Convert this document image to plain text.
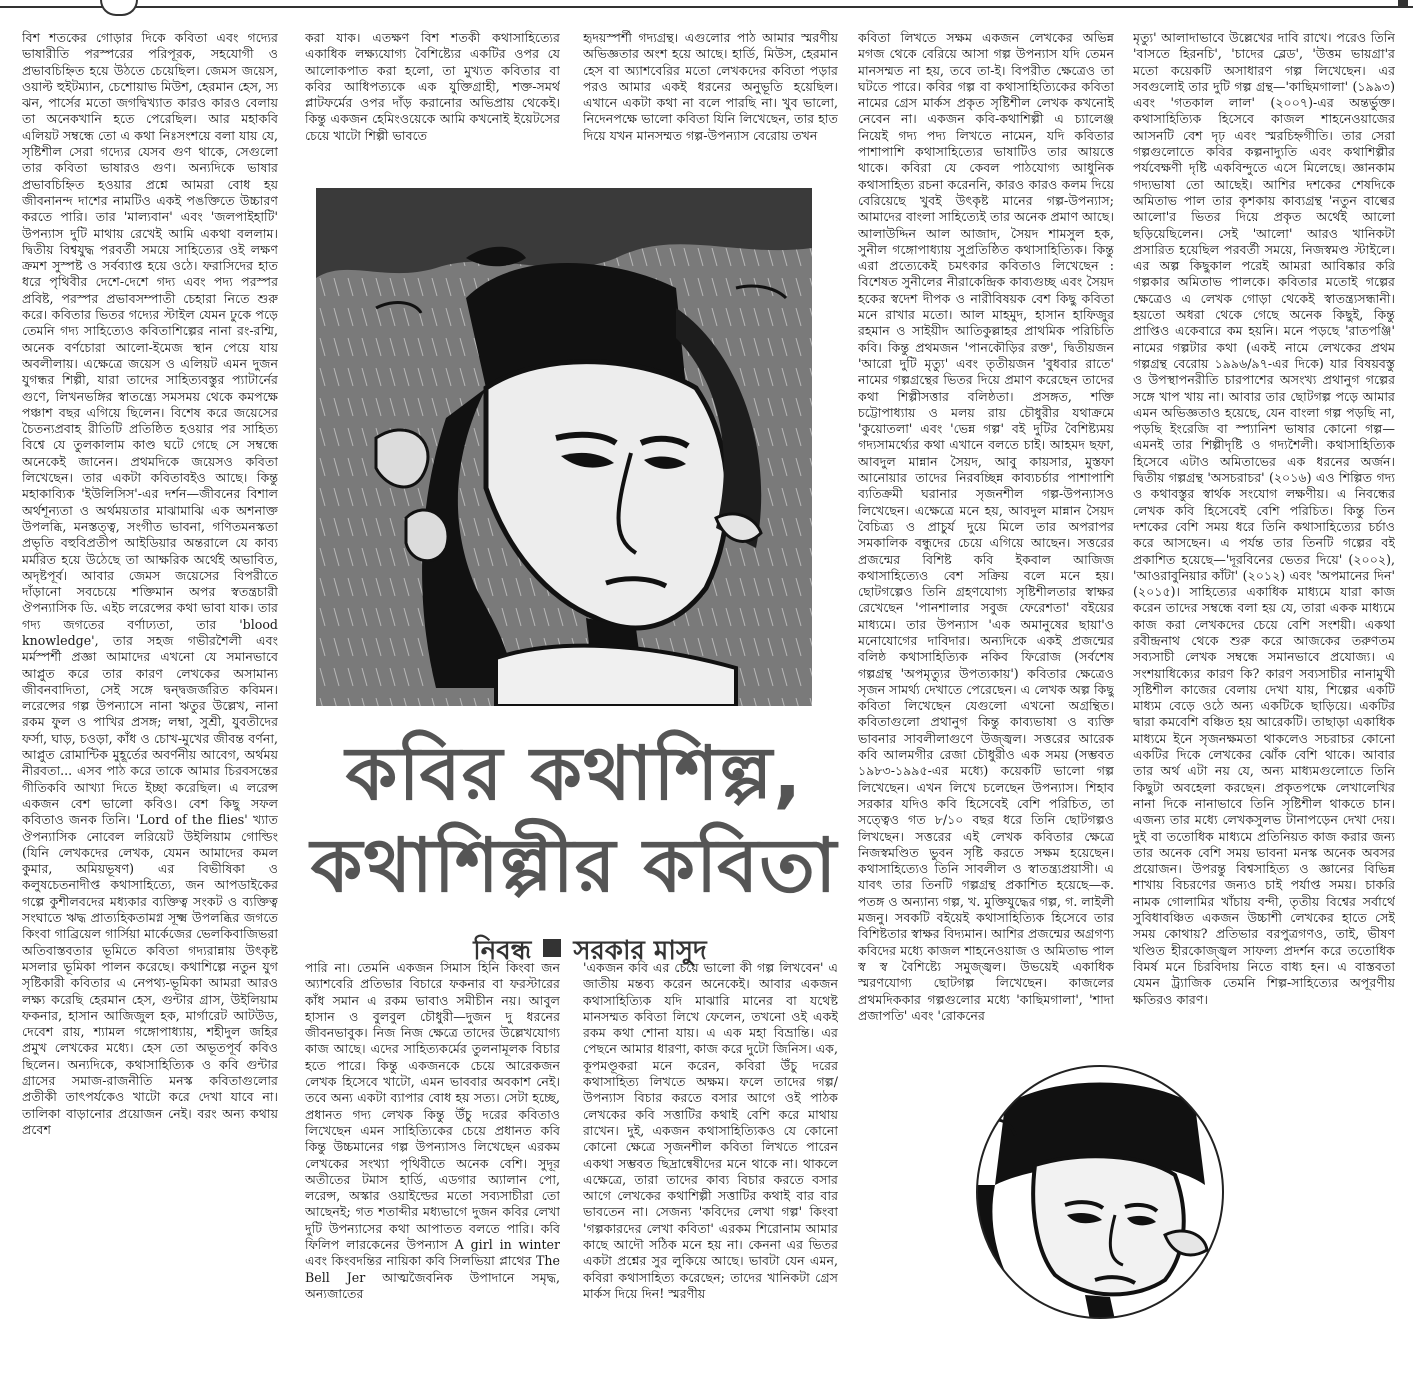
বিশ শতকের গোড়ার দিকে কবিতা এবং গদ্যের ভাষারীতি পরস্পরের পরিপূরক, সহযোগী ও প্রভাবচিহ্নিত হয়ে উঠতে চেয়েছিল। জেমস জয়েস, ওয়াল্ট হুইটম্যান, চেশোয়াভ মিউশ, হেরমান হেস, স্য ঝন, পার্সের মতো জগদ্বিখ্যাত কারও কারও বেলায় তা অনেকখানি হতে পেরেছিল। আর মহাকবি এলিয়ট সম্বন্ধে তো এ কথা নিঃসংশয়ে বলা যায় যে, সৃষ্টিশীল সেরা গদ্যের যেসব গুণ থাকে, সেগুলো তার কবিতা ভাষারও গুণ। অন্যদিকে ভাষার প্রভাবচিহ্নিত হওয়ার প্রশ্নে আমরা বোধ হয় জীবনানন্দ দাশের নামটিও একই পঙক্তিতে উচ্চারণ করতে পারি। তার 'মাল্যবান' এবং 'জলপাইহাটি' উপন্যাস দুটি মাথায় রেখেই আমি একথা বললাম। দ্বিতীয় বিশ্বযুদ্ধ পরবর্তী সময়ে সাহিত্যের ওই লক্ষণ ক্রমশ সুস্পষ্ট ও সর্বব্যাপ্ত হয়ে ওঠে। ফরাসিদের হাত ধরে পৃথিবীর দেশে-দেশে গদ্য এবং পদ্য পরস্পর প্রবিষ্ট, পরস্পর প্রভাবসম্পাতী চেহারা নিতে শুরু করে। কবিতার ভিতর গদ্যের স্টাইল যেমন ঢুকে পড়ে তেমনি গদ্য সাহিত্যেও কবিতাশিল্পের নানা রং-রশ্মি, অনেক বর্ণচোরা আলো-ইমেজ স্থান পেয়ে যায় অবলীলায়। এক্ষেত্রে জয়েস ও এলিয়ট এমন দুজন যুগন্ধর শিল্পী, যারা তাদের সাহিত্যবস্তুর প্যাটার্নের গুণে, লিখনভঙ্গির স্বাতন্ত্র্যে সমসময় থেকে কমপক্ষে পঞ্চাশ বছর এগিয়ে ছিলেন। বিশেষ করে জয়েসের চৈতন্যপ্রবাহ রীতিটি প্রতিষ্ঠিত হওয়ার পর সাহিত্য বিশ্বে যে তুলকালাম কাণ্ড ঘটে গেছে সে সম্বন্ধে অনেকেই জানেন। প্রথমদিকে জয়েসও কবিতা লিখেছেন। তার একটা কবিতাবইও আছে। কিন্তু মহাকাব্যিক 'ইউলিসিস'-এর দর্শন—জীবনের বিশাল অর্থশূন্যতা ও অর্থময়তার মাঝামাঝি এক অশনাক্ত উপলব্ধি, মনস্তত্ত্ব, সংগীত ভাবনা, গণিতমনস্কতা প্রভৃতি বহুবিপ্রতীপ আইডিয়ার অন্তরালে যে কাব্য মর্মরিত হয়ে উঠেছে তা আক্ষরিক অর্থেই অভাবিত, অদৃষ্টপূর্ব। আবার জেমস জয়েসের বিপরীতে দাঁড়ানো সবচেয়ে শক্তিমান অপর স্বতন্ত্রচারী ঔপন্যাসিক ডি. এইচ লরেন্সের কথা ভাবা যাক। তার গদ্য জগতের বর্ণাঢ্যতা, তার 'blood knowledge', তার সহজ গভীরশৈলী এবং মর্মস্পর্শী প্রজ্ঞা আমাদের এখনো যে সমানভাবে আপ্লুত করে তার কারণ লেখকের অসামান্য জীবনবাদিতা, সেই সঙ্গে দ্বন্দ্বজর্জরিত কবিমন। লরেন্সের গল্প উপন্যাসে নানা ঋতুর উল্লেখ, নানা রকম ফুল ও পাখির প্রসঙ্গ; লম্বা, সুশ্রী, যুবতীদের ফর্সা, ঘাড়, চওড়া, কাঁধ ও চোখ-মুখের জীবন্ত বর্ণনা, আপ্লুত রোমান্টিক মুহূর্তের অবর্ণনীয় আবেগ, অর্থময় নীরবতা... এসব পাঠ করে তাকে আমার চিরবসন্তের গীতিকবি আখ্যা দিতে ইচ্ছা করেছিল। এ লরেন্স একজন বেশ ভালো কবিও। বেশ কিছু সফল কবিতাও জনক তিনি। 'Lord of the flies' খ্যাত ঔপন্যাসিক নোবেল লরিয়েট উইলিয়াম গোল্ডিং (যিনি লেখকদের লেখক, যেমন আমাদের কমল কুমার, অমিয়ভূষণ) এর বিভীষিকা ও কলুষচেতনাদীপ্ত কথাসাহিত্যে, জন আপডাইকের গল্পে কুশীলবদের মধ্যকার ব্যক্তিত্ব সংকট ও ব্যক্তিত্ব সংঘাতে ঋদ্ধ প্রাত্যহিকতামগ্ন সূক্ষ্ম উপলব্ধির জগতে কিংবা গাব্রিয়েল গার্সিয়া মার্কেজের ভেলকিবাজিভরা অতিবাস্তবতার ভূমিতে কবিতা গদ্যরান্নায় উৎকৃষ্ট মসলার ভূমিকা পালন করেছে। কথাশিল্পে নতুন যুগ সৃষ্টিকারী কবিতার এ নেপথ্য-ভূমিকা আমরা আরও লক্ষ্য করেছি হেরমান হেস, গুন্টার গ্রাস, উইলিয়াম ফকনার, হাসান আজিজুল হক, মার্গারেট আটউড, দেবেশ রায়, শ্যামল গঙ্গোপাধ্যায়, শহীদুল জহির প্রমুখ লেখকের মধ্যে। হেস তো অভূতপূর্ব কবিও ছিলেন। অন্যদিকে, কথাসাহিত্যিক ও কবি গুন্টার গ্রাসের সমাজ-রাজনীতি মনস্ক কবিতাগুলোর প্রতীকী তাৎপর্যকেও খাটো করে দেখা যাবে না। তালিকা বাড়ানোর প্রয়োজন নেই। বরং অন্য কথায় প্রবেশ

করা যাক। এতক্ষণ বিশ শতকী কথাসাহিত্যের একাধিক লক্ষ্যযোগ্য বৈশিষ্ট্যের একটির ওপর যে আলোকপাত করা হলো, তা মুখ্যত কবিতার বা কবির আধিপত্যকে এক যুক্তিগ্রাহী, শক্ত-সমর্থ প্লাটফর্মের ওপর দাঁড় করানোর অভিপ্রায় থেকেই। কিন্তু একজন হেমিংওয়েকে আমি কখনোই ইয়েটসের চেয়ে খাটো শিল্পী ভাবতে

হৃদয়স্পর্শী গদ্যগ্রন্থ। এগুলোর পাঠ আমার স্মরণীয় অভিজ্ঞতার অংশ হয়ে আছে। হার্ডি, মিউস, হেরমান হেস বা অ্যাশবেরির মতো লেখকদের কবিতা পড়ার পরও আমার একই ধরনের অনুভূতি হয়েছিল। এখানে একটা কথা না বলে পারছি না। খুব ভালো, নিদেনপক্ষে ভালো কবিতা যিনি লিখেছেন, তার হাত দিয়ে যখন মানসম্মত গল্প-উপন্যাস বেরোয় তখন

কবির কথাশিল্প,
কথাশিল্পীর কবিতা
নিবন্ধ সরকার মাসুদ

পারি না। তেমনি একজন সিমাস হিনি কিংবা জন অ্যাশবেরি প্রতিভার বিচারে ফকনার বা ফরস্টারের কাঁধ সমান এ রকম ভাবাও সমীচীন নয়। আবুল হাসান ও বুলবুল চৌধুরী—দুজন দু ধরনের জীবনভাবুক। নিজ নিজ ক্ষেত্রে তাদের উল্লেখযোগ্য কাজ আছে। এদের সাহিত্যকর্মের তুলনামূলক বিচার হতে পারে। কিন্তু একজনকে চেয়ে আরেকজন লেখক হিসেবে খাটো, এমন ভাববার অবকাশ নেই। তবে অন্য একটা ব্যাপার বোধ হয় সত্য। সেটা হচ্ছে, প্রধানত গদ্য লেখক কিন্তু উঁচু দরের কবিতাও লিখেছেন এমন সাহিত্যিকের চেয়ে প্রধানত কবি কিন্তু উচ্চমানের গল্প উপন্যাসও লিখেছেন এরকম লেখকের সংখ্যা পৃথিবীতে অনেক বেশি। সুদূর অতীতের টমাস হার্ডি, এডগার অ্যালান পো, লরেন্স, অস্কার ওয়াইল্ডের মতো সব্যসাচীরা তো আছেনই; গত শতাব্দীর মধ্যভাগে দুজন কবির লেখা দুটি উপন্যাসের কথা আপাতত বলতে পারি। কবি ফিলিপ লারকেনের উপন্যাস A girl in winter এবং কিংবদন্তির নায়িকা কবি সিলভিয়া প্লাথের The Bell Jer আত্মজৈবনিক উপাদানে সমৃদ্ধ, অন্যজাতের

'একজন কবি এর চেয়ে ভালো কী গল্প লিখবেন' এ জাতীয় মন্তব্য করেন অনেকেই। আবার একজন কথাসাহিত্যিক যদি মাঝারি মানের বা যথেষ্ট মানসম্মত কবিতা লিখে ফেলেন, তখনো ওই একই রকম কথা শোনা যায়। এ এক মহা বিভ্রান্তি। এর পেছনে আমার ধারণা, কাজ করে দুটো জিনিস। এক, কূপমণ্ডূকরা মনে করেন, কবিরা উঁচু দরের কথাসাহিত্য লিখতে অক্ষম। ফলে তাদের গল্প/উপন্যাস বিচার করতে বসার আগে ওই পাঠক লেখকের কবি সত্তাটির কথাই বেশি করে মাথায় রাখেন। দুই, একজন কথাসাহিত্যিকও যে কোনো কোনো ক্ষেত্রে সৃজনশীল কবিতা লিখতে পারেন একথা সম্ভবত ছিদ্রান্বেষীদের মনে থাকে না। থাকলে এক্ষেত্রে, তারা তাদের কাব্য বিচার করতে বসার আগে লেখকের কথাশিল্পী সত্তাটির কথাই বার বার ভাবতেন না। সেজন্য 'কবিদের লেখা গল্প' কিংবা 'গল্পকারদের লেখা কবিতা' এরকম শিরোনাম আমার কাছে আদৌ সঠিক মনে হয় না। কেননা এর ভিতর একটা প্রশ্নের সুর লুকিয়ে আছে। ভাবটা যেন এমন, কবিরা কথাসাহিত্য করেছেন; তাদের খানিকটা গ্রেস মার্কস দিয়ে দিন! স্মরণীয়

কবিতা লিখতে সক্ষম একজন লেখকের অভিন্ন মগজ থেকে বেরিয়ে আসা গল্প উপন্যাস যদি তেমন মানসম্মত না হয়, তবে তা-ই। বিপরীত ক্ষেত্রেও তা ঘটতে পারে। কবির গল্প বা কথাসাহিত্যিকের কবিতা নামের গ্রেস মার্কস প্রকৃত সৃষ্টিশীল লেখক কখনোই নেবেন না। একজন কবি-কথাশিল্পী এ চ্যালেঞ্জ নিয়েই গদ্য পদ্য লিখতে নামেন, যদি কবিতার পাশাপাশি কথাসাহিত্যের ভাষাটিও তার আয়ত্তে থাকে। কবিরা যে কেবল পাঠযোগ্য আধুনিক কথাসাহিত্য রচনা করেননি, কারও কারও কলম দিয়ে বেরিয়েছে খুবই উৎকৃষ্ট মানের গল্প-উপন্যাস; আমাদের বাংলা সাহিত্যেই তার অনেক প্রমাণ আছে। আলাউদ্দিন আল আজাদ, সৈয়দ শামসুল হক, সুনীল গঙ্গোপাধ্যায় সুপ্রতিষ্ঠিত কথাসাহিত্যিক। কিন্তু এরা প্রত্যেকেই চমৎকার কবিতাও লিখেছেন : বিশেষত সুনীলের নীরাকেন্দ্রিক কাব্যগুচ্ছ এবং সৈয়দ হকের স্বদেশ দীপক ও নারীবিষয়ক বেশ কিছু কবিতা মনে রাখার মতো। আল মাহমুদ, হাসান হাফিজুর রহমান ও সাইয়ীদ আতিকুল্লাহর প্রাথমিক পরিচিতি কবি। কিন্তু প্রথমজন 'পানকৌড়ির রক্ত', দ্বিতীয়জন 'আরো দুটি মৃত্যু' এবং তৃতীয়জন 'বুধবার রাতে' নামের গল্পগ্রন্থের ভিতর দিয়ে প্রমাণ করেছেন তাদের কথা শিল্পীসত্তার বলিষ্ঠতা। প্রসঙ্গত, শক্তি চট্টোপাধ্যায় ও মলয় রায় চৌধুরীর যথাক্রমে 'কুয়োতলা' এবং 'ভেন্ন গল্প' বই দুটির বৈশিষ্ট্যময় গদ্যসামর্থ্যের কথা এখানে বলতে চাই। আহমদ ছফা, আবদুল মান্নান সৈয়দ, আবু কায়সার, মুস্তফা আনোয়ার তাদের নিরবচ্ছিন্ন কাব্যচর্চার পাশাপাশি ব্যতিক্রমী ঘরানার সৃজনশীল গল্প-উপন্যাসও লিখেছেন। এক্ষেত্রে মনে হয়, আবদুল মান্নান সৈয়দ বৈচিত্র্য ও প্রাচুর্য দুয়ে মিলে তার অপরাপর সমকালিক বন্ধুদের চেয়ে এগিয়ে আছেন। সত্তরের প্রজন্মের বিশিষ্ট কবি ইকবাল আজিজ কথাসাহিত্যেও বেশ সক্রিয় বলে মনে হয়। ছোটগল্পেও তিনি গ্রহণযোগ্য সৃষ্টিশীলতার স্বাক্ষর রেখেছেন 'পানশালার সবুজ ফেরেশতা' বইয়ের মাধ্যমে। তার উপন্যাস 'এক অমানুষের ছায়া'ও মনোযোগের দাবিদার। অন্যদিকে একই প্রজন্মের বলিষ্ঠ কথাসাহিত্যিক নকিব ফিরোজ (সর্বশেষ গল্পগ্রন্থ 'অপমৃত্যুর উপত্যকায়') কবিতার ক্ষেত্রেও সৃজন সামর্থ্য দেখাতে পেরেছেন। এ লেখক অল্প কিছু কবিতা লিখেছেন যেগুলো এখনো অগ্রন্থিত। কবিতাগুলো প্রথানুগ কিন্তু কাব্যভাষা ও ব্যক্তি ভাবনার সাবলীলাগুণে উজ্জ্বল। সত্তরের আরেক কবি আলমগীর রেজা চৌধুরীও এক সময় (সম্ভবত ১৯৮৩-১৯৯৫-এর মধ্যে) কয়েকটি ভালো গল্প লিখেছেন। এখন লিখে চলেছেন উপন্যাস। শিহাব সরকার যদিও কবি হিসেবেই বেশি পরিচিত, তা সত্ত্বেও গত ৮/১০ বছর ধরে তিনি ছোটগল্পও লিখছেন। সত্তরের এই লেখক কবিতার ক্ষেত্রে নিজস্বমণ্ডিত ভুবন সৃষ্টি করতে সক্ষম হয়েছেন। কথাসাহিত্যেও তিনি সাবলীল ও স্বাতন্ত্র্যপ্রয়াসী। এ যাবৎ তার তিনটি গল্পগ্রন্থ প্রকাশিত হয়েছে—ক. পতঙ্গ ও অন্যান্য গল্প, খ. মুক্তিযুদ্ধের গল্প, গ. লাইলী মজনু। সবকটি বইয়েই কথাসাহিত্যিক হিসেবে তার বিশিষ্টতার স্বাক্ষর বিদ্যমান। আশির প্রজন্মের অগ্রগণ্য কবিদের মধ্যে কাজল শাহনেওয়াজ ও অমিতাভ পাল স্ব স্ব বৈশিষ্ট্যে সমুজ্জ্বল। উভয়েই একাধিক স্মরণযোগ্য ছোটগল্প লিখেছেন। কাজলের প্রথমদিককার গল্পগুলোর মধ্যে 'কাছিমগালা', 'শাদা প্রজাপতি' এবং 'রোকনের

মৃত্যু' আলাদাভাবে উল্লেখের দাবি রাখে। পরেও তিনি 'বাসতে হিরনচি', 'চাদের ব্লেড', 'উত্তম ভায়গ্রা'র মতো কয়েকটি অসাধারণ গল্প লিখেছেন। এর সবগুলোই তার দুটি গল্প গ্রন্থ—'কাছিমগালা' (১৯৯৩) এবং 'গতকাল লাল' (২০০৭)-এর অন্তর্ভুক্ত। কথাসাহিত্যিক হিসেবে কাজল শাহনেওয়াজের আসনটি বেশ দৃঢ় এবং স্মরচিহ্নগীতি। তার সেরা গল্পগুলোতে কবির কল্পনাদ্যুতি এবং কথাশিল্পীর পর্যবেক্ষণী দৃষ্টি একবিন্দুতে এসে মিলেছে। জ্ঞানকাম গদ্যভাষা তো আছেই। আশির দশকের শেষদিকে অমিতাভ পাল তার কৃশকায় কাব্যগ্রন্থ 'নতুন বাল্বের আলো'র ভিতর দিয়ে প্রকৃত অর্থেই আলো ছড়িয়েছিলেন। সেই 'আলো' আরও খানিকটা প্রসারিত হয়েছিল পরবর্তী সময়ে, নিজস্বমণ্ড স্টাইলে। এর অল্প কিছুকাল পরেই আমরা আবিষ্কার করি গল্পকার অমিতাভ পালকে। কবিতার মতোই গল্পের ক্ষেত্রেও এ লেখক গোড়া থেকেই স্বাতন্ত্র্যসন্ধানী। হয়তো অধরা থেকে গেছে অনেক কিছুই, কিন্তু প্রাপ্তিও একেবারে কম হয়নি। মনে পড়ছে 'রাতপঞ্জি' নামের গল্পটার কথা (একই নামে লেখকের প্রথম গল্পগ্রন্থ বেরোয় ১৯৯৬/৯৭-এর দিকে) যার বিষয়বস্তু ও উপস্থাপনরীতি চারপাশের অসংখ্য প্রথানুগ গল্পের সঙ্গে খাপ খায় না। আবার তার ছোটগল্প পড়ে আমার এমন অভিজ্ঞতাও হয়েছে, যেন বাংলা গল্প পড়ছি না, পড়ছি ইংরেজি বা স্প্যানিশ ভাষার কোনো গল্প—এমনই তার শিল্পীদৃষ্টি ও গদ্যশৈলী। কথাসাহিত্যিক হিসেবে এটাও অমিতাভের এক ধরনের অর্জন। দ্বিতীয় গল্পগ্রন্থ 'অসচরাচর' (২০১৬) এও শিল্পিত গদ্য ও কথাবস্তুর স্বার্থক সংযোগ লক্ষণীয়। এ নিবন্ধের লেখক কবি হিসেবেই বেশি পরিচিত। কিন্তু তিন দশকের বেশি সময় ধরে তিনি কথাসাহিত্যের চর্চাও করে আসছেন। এ পর্যন্ত তার তিনটি গল্পের বই প্রকাশিত হয়েছে—'দূরবিনের ভেতর দিয়ে' (২০০২), 'আওরাবুনিয়ার কাঁটা' (২০১২) এবং 'অপমানের দিন' (২০১৫)। সাহিত্যের একাধিক মাধ্যমে যারা কাজ করেন তাদের সম্বন্ধে বলা হয় যে, তারা একক মাধ্যমে কাজ করা লেখকদের চেয়ে বেশি সংশয়ী। একথা রবীন্দ্রনাথ থেকে শুরু করে আজকের তরুণতম সব্যসাচী লেখক সম্বন্ধে সমানভাবে প্রযোজ্য। এ সংশয়াধিক্যের কারণ কি? কারণ সব্যসাচীর নানামুখী সৃষ্টিশীল কাজের বেলায় দেখা যায়, শিল্পের একটি মাধ্যম বেড়ে ওঠে অন্য একটিকে ছাড়িয়ে। একটির দ্বারা কমবেশি বঞ্চিত হয় আরেকটি। তাছাড়া একাধিক মাধ্যমে ইনে সৃজনক্ষমতা থাকলেও সচরাচর কোনো একটির দিকে লেখকের ঝোঁক বেশি থাকে। আবার তার অর্থ এটা নয় যে, অন্য মাধ্যমগুলোতে তিনি কিছুটা অবহেলা করছেন। প্রকৃতপক্ষে লেখালেখির নানা দিকে নানাভাবে তিনি সৃষ্টিশীল থাকতে চান। এজন্য তার মধ্যে লেখকসুলভ টানাপড়েন দেখা দেয়। দুই বা ততোধিক মাধ্যমে প্রতিনিয়ত কাজ করার জন্য তার অনেক বেশি সময় ভাবনা মনস্ক অনেক অবসর প্রয়োজন। উপরন্তু বিশ্বসাহিত্য ও জ্ঞানের বিভিন্ন শাখায় বিচরণের জন্যও চাই পর্যাপ্ত সময়। চাকরি নামক গোলামির খাঁচায় বন্দী, তৃতীয় বিশ্বের সর্বার্থে সুবিধাবঞ্চিত একজন উচ্চাশী লেখকের হাতে সেই সময় কোথায়? প্রতিভার বরপুত্রগণও, তাই, ভীষণ খণ্ডিত হীরকোজ্জ্বল সাফল্য প্রদর্শন করে ততোধিক বিমর্ষ মনে চিরবিদায় নিতে বাধ্য হন। এ বাস্তবতা যেমন ট্র্যাজিক তেমনি শিল্প-সাহিত্যের অপূরণীয় ক্ষতিরও কারণ।
